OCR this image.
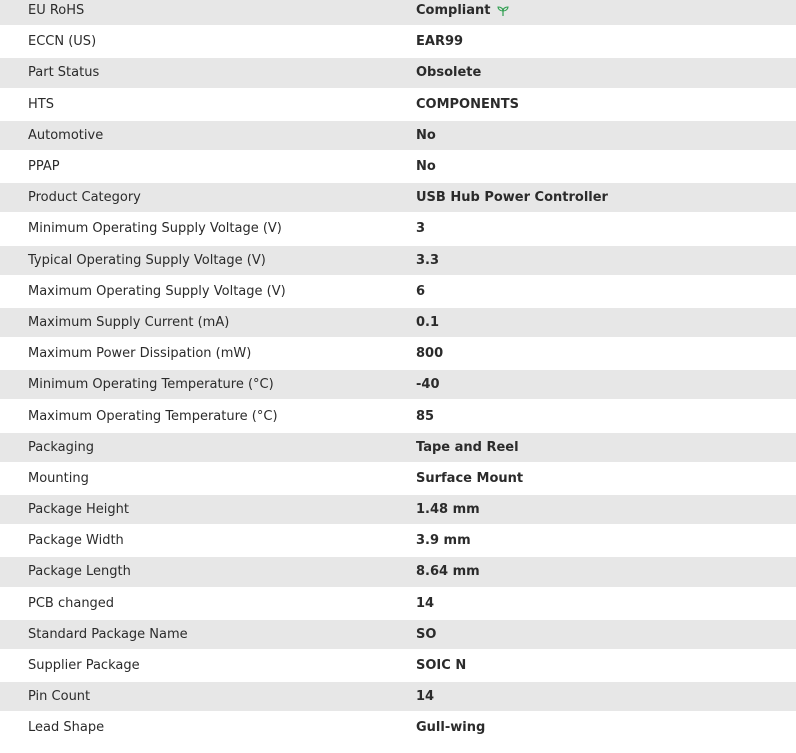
EU RoHS	Compliant
ECCN (US)	EAR99
Part Status	Obsolete
HTS	COMPONENTS
Automotive	No
PPAP	No
Product Category	USB Hub Power Controller
Minimum Operating Supply Voltage (V)	3
Typical Operating Supply Voltage (V)	3.3
Maximum Operating Supply Voltage (V)	6
Maximum Supply Current (mA)	0.1
Maximum Power Dissipation (mW)	800
Minimum Operating Temperature (°C)	-40
Maximum Operating Temperature (°C)	85
Packaging	Tape and Reel
Mounting	Surface Mount
Package Height	1.48 mm
Package Width	3.9 mm
Package Length	8.64 mm
PCB changed	14
Standard Package Name	SO
Supplier Package	SOIC N
Pin Count	14
Lead Shape	Gull-wing
